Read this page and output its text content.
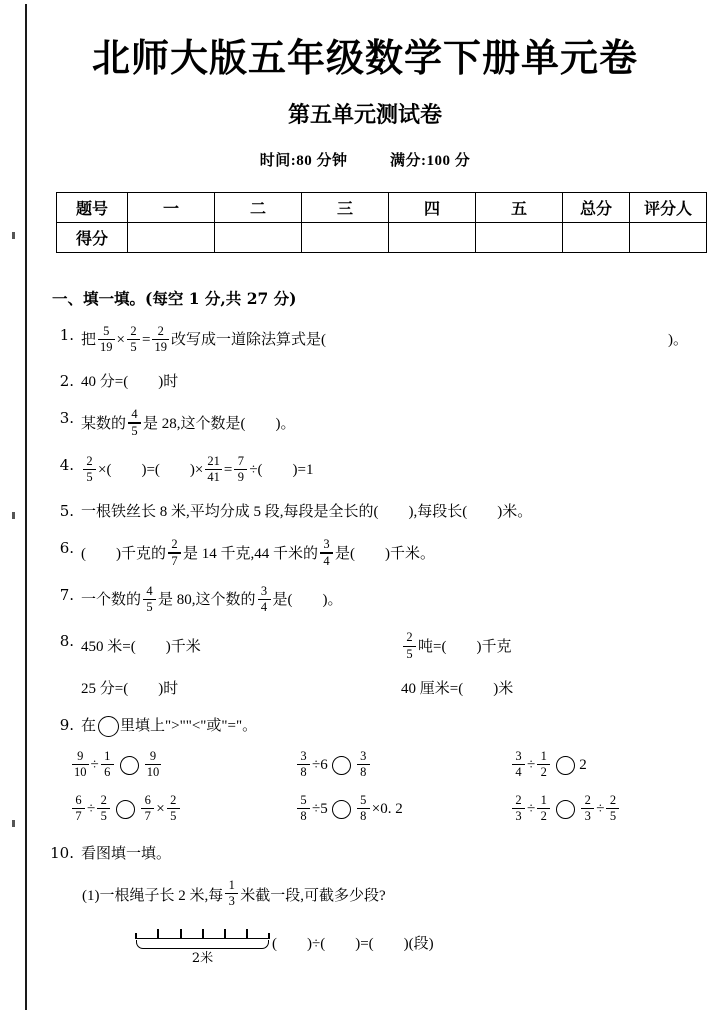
北师大版五年级数学下册单元卷
第五单元测试卷
时间:80 分钟	满分:100 分
题号	一	二	三	四	五	总分	评分人
得分							
一、填一填。(每空 1 分,共 27 分)
1. 把 $\frac{5}{19} \times \frac{2}{5} = \frac{2}{19}$ 改写成一道除法算式是(	)。
2. 40 分=(        )时
3. 某数的 $\frac{4}{5}$ 是 28,这个数是(        )。
4. $\frac{2}{5}$ ×(        )=(        )× $\frac{21}{41} = \frac{7}{9}$ ÷(        )=1
5. 一根铁丝长 8 米,平均分成 5 段,每段是全长的(        ),每段长(        )米。
6. (        )千克的 $\frac{2}{7}$ 是 14 千克,44 千米的 $\frac{3}{4}$ 是(        )千米。
7. 一个数的 $\frac{4}{5}$ 是 80,这个数的 $\frac{3}{4}$ 是(        )。
8. 450 米=(        )千米	$\frac{2}{5}$ 吨=(        )千克
25 分=(        )时	40 厘米=(        )米
9. 在 里填上">""<"或"="。
$\frac{9}{10} \div \frac{1}{6} \frac{9}{10}$	$\frac{3}{8} \div 6 \frac{3}{8}$	$\frac{3}{4} \div \frac{1}{2} 2$
$\frac{6}{7} \div \frac{2}{5} \frac{6}{7} \times \frac{2}{5}$	$\frac{5}{8} \div 5 \frac{5}{8} \times 0$. 2	$\frac{2}{3} \div \frac{1}{2} \frac{2}{3} \div \frac{2}{5}$
10. 看图填一填。
(1)一根绳子长 2 米,每 $\frac{1}{3}$ 米截一段,可截多少段?
2米
(        )÷(        )=(        )(段)
